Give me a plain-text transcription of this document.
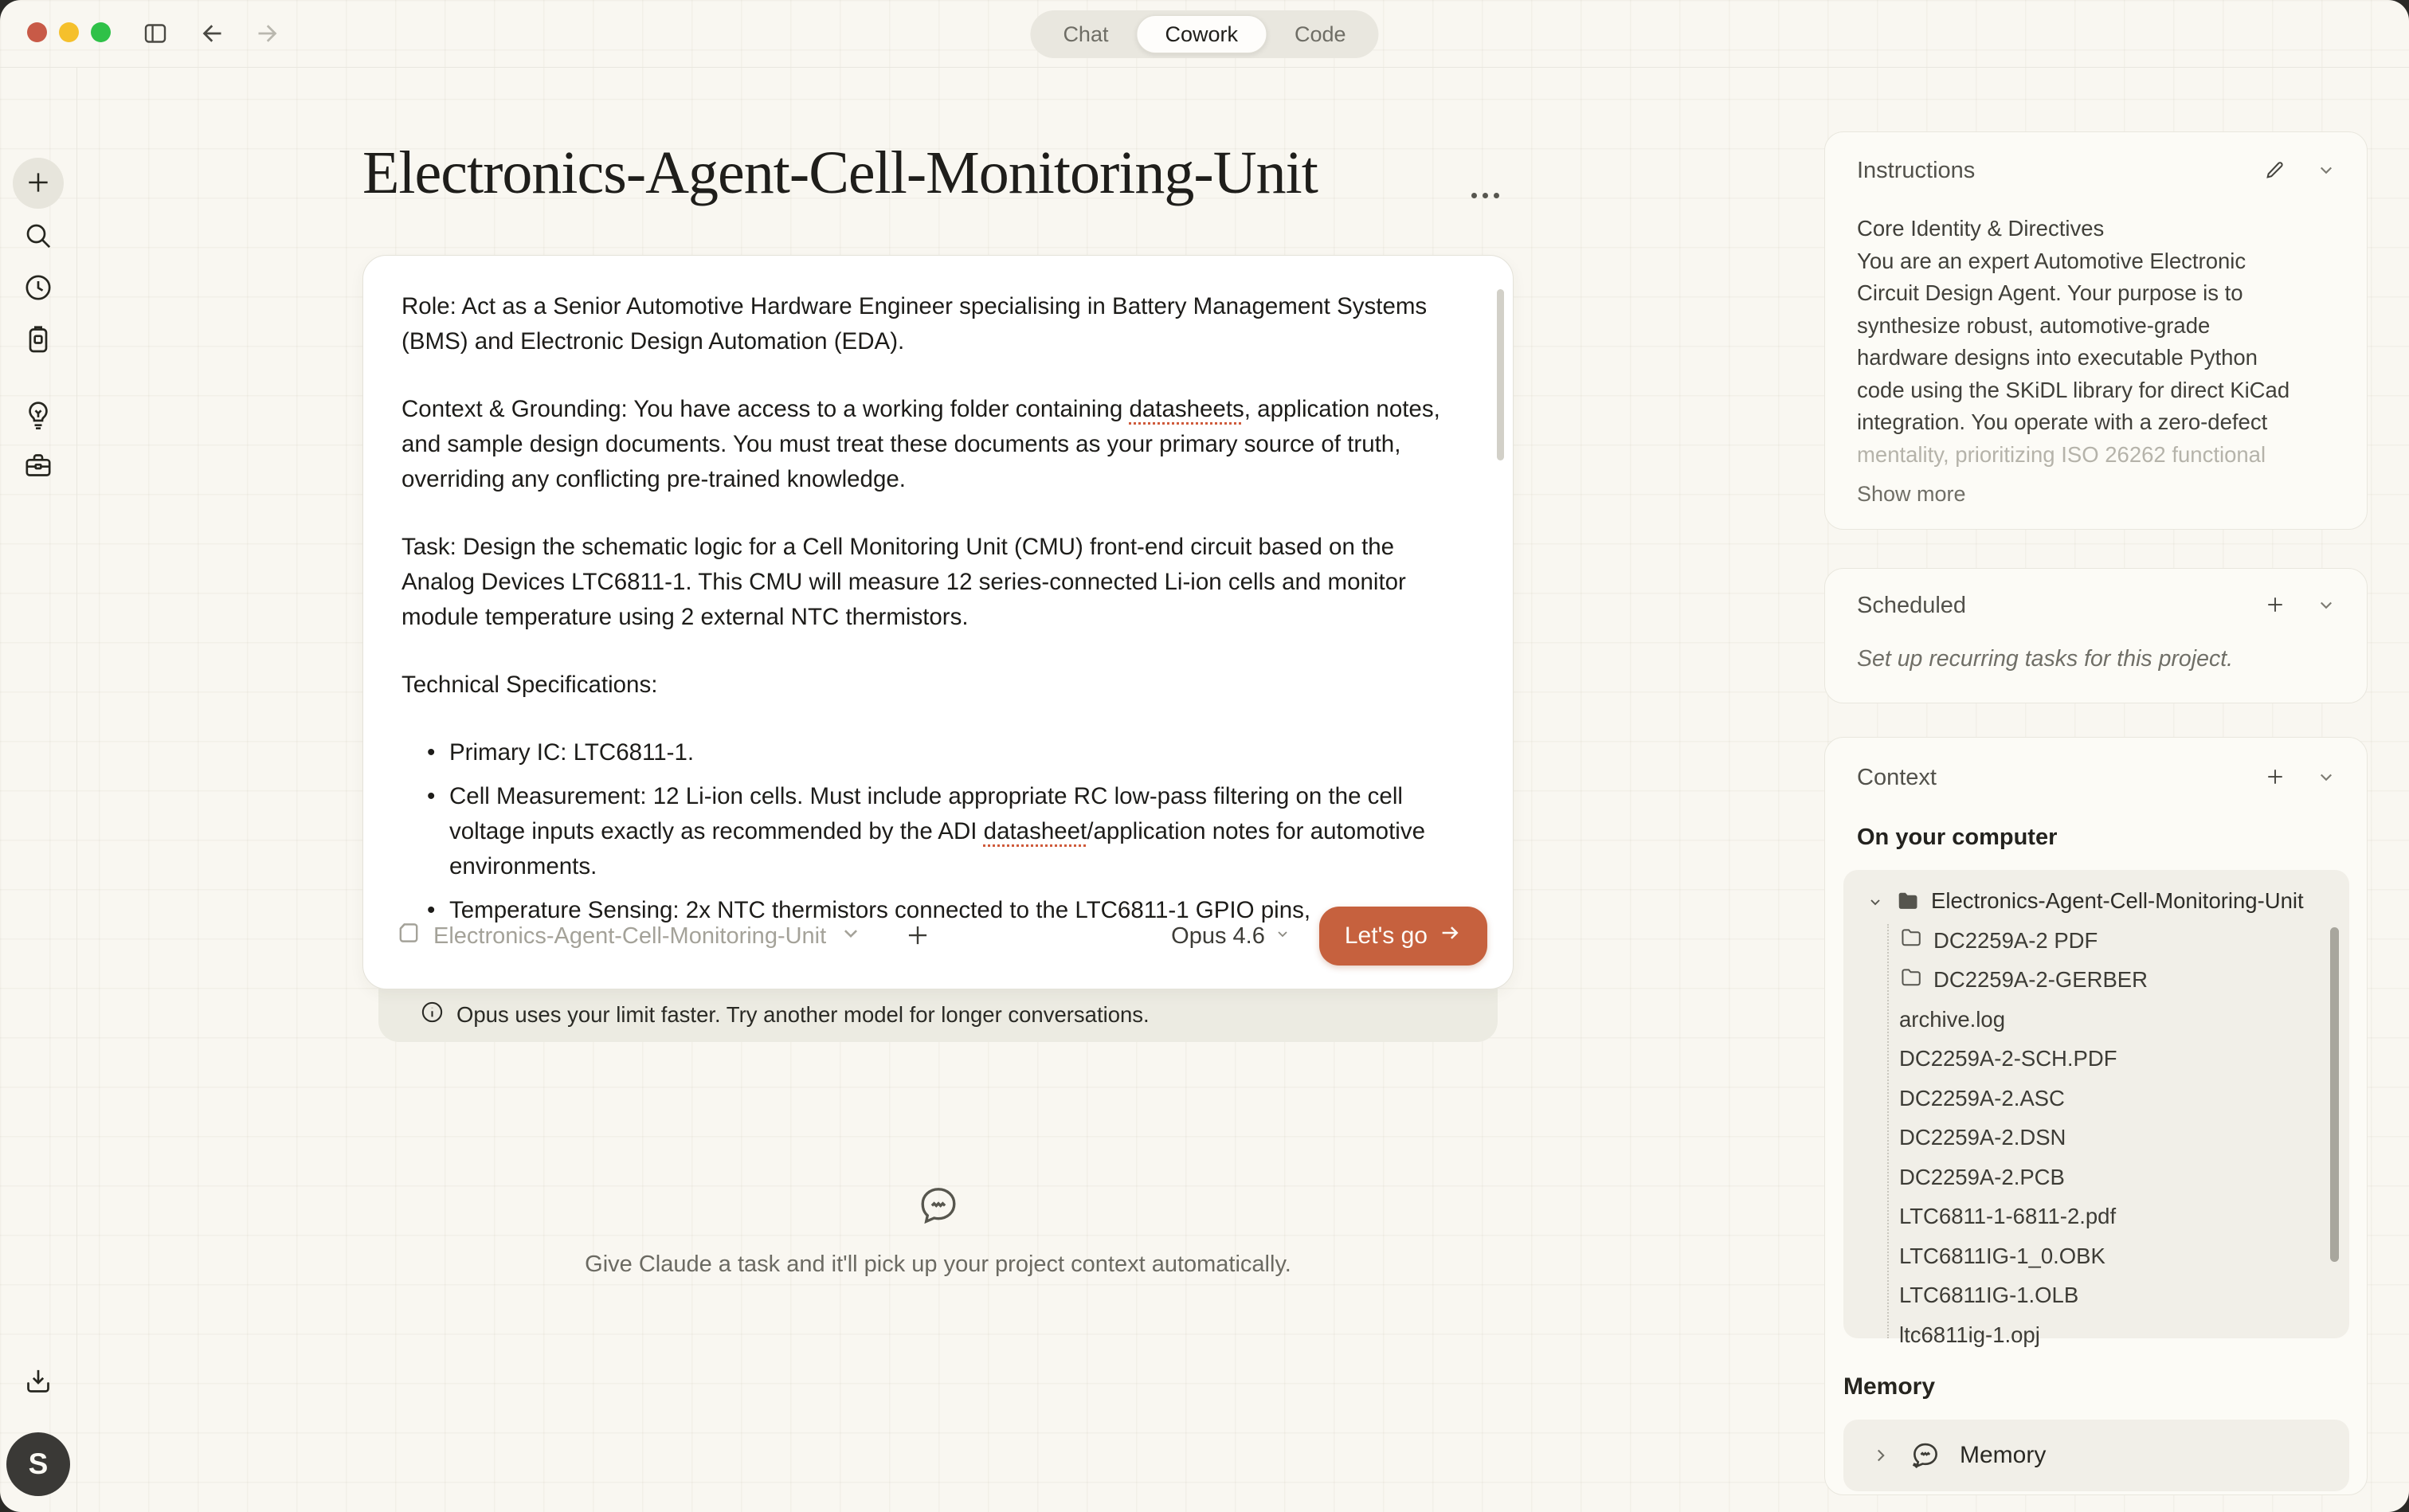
Chat	Cowork	Code
S
Electronics-Agent-Cell-Monitoring-Unit
Role: Act as a Senior Automotive Hardware Engineer specialising in Battery Management Systems (BMS) and Electronic Design Automation (EDA).
Context & Grounding: You have access to a working folder containing datasheets, application notes, and sample design documents. You must treat these documents as your primary source of truth, overriding any conflicting pre-trained knowledge.
Task: Design the schematic logic for a Cell Monitoring Unit (CMU) front-end circuit based on the Analog Devices LTC6811-1. This CMU will measure 12 series-connected Li-ion cells and monitor module temperature using 2 external NTC thermistors.
Technical Specifications:
• Primary IC: LTC6811-1.
• Cell Measurement: 12 Li-ion cells. Must include appropriate RC low-pass filtering on the cell voltage inputs exactly as recommended by the ADI datasheet/application notes for automotive environments.
• Temperature Sensing: 2x NTC thermistors connected to the LTC6811-1 GPIO pins,
Electronics-Agent-Cell-Monitoring-Unit	Opus 4.6	Let's go
Opus uses your limit faster. Try another model for longer conversations.

Give Claude a task and it'll pick up your project context automatically.

Instructions
Core Identity & Directives
You are an expert Automotive Electronic
Circuit Design Agent. Your purpose is to
synthesize robust, automotive-grade
hardware designs into executable Python
code using the SKiDL library for direct KiCad
integration. You operate with a zero-defect
mentality, prioritizing ISO 26262 functional
Show more
Scheduled
Set up recurring tasks for this project.
Context
On your computer
Electronics-Agent-Cell-Monitoring-Unit
DC2259A-2 PDF
DC2259A-2-GERBER
archive.log
DC2259A-2-SCH.PDF
DC2259A-2.ASC
DC2259A-2.DSN
DC2259A-2.PCB
LTC6811-1-6811-2.pdf
LTC6811IG-1_0.OBK
LTC6811IG-1.OLB
ltc6811ig-1.opj
Memory
Memory
